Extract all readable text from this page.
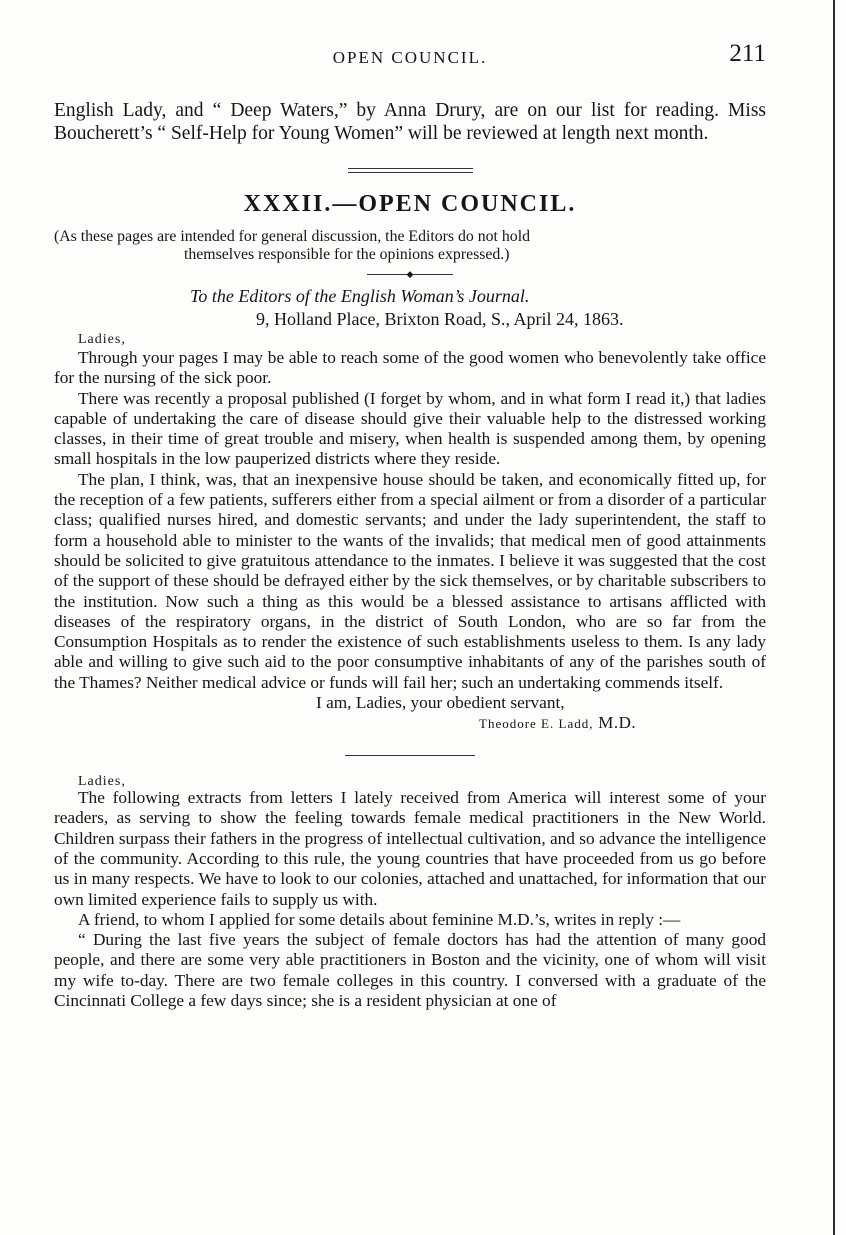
OPEN COUNCIL.	211

English Lady, and “ Deep Waters,” by Anna Drury, are on our list for reading. Miss Boucherett’s “ Self-Help for Young Women” will be reviewed at length next month.

XXXII.—OPEN COUNCIL.

(As these pages are intended for general discussion, the Editors do not hold
themselves responsible for the opinions expressed.)

◆
To the Editors of the English Woman’s Journal.
9, Holland Place, Brixton Road, S., April 24, 1863.
Ladies,

Through your pages I may be able to reach some of the good women who benevolently take office for the nursing of the sick poor.

There was recently a proposal published (I forget by whom, and in what form I read it,) that ladies capable of undertaking the care of disease should give their valuable help to the distressed working classes, in their time of great trouble and misery, when health is suspended among them, by opening small hospitals in the low pauperized districts where they reside.

The plan, I think, was, that an inexpensive house should be taken, and economically fitted up, for the reception of a few patients, sufferers either from a special ailment or from a disorder of a particular class; qualified nurses hired, and domestic servants; and under the lady superintendent, the staff to form a household able to minister to the wants of the invalids; that medical men of good attainments should be solicited to give gratuitous attendance to the inmates. I believe it was suggested that the cost of the support of these should be defrayed either by the sick themselves, or by charitable subscribers to the institution. Now such a thing as this would be a blessed assistance to artisans afflicted with diseases of the respiratory organs, in the district of South London, who are so far from the Consumption Hospitals as to render the existence of such establishments useless to them. Is any lady able and willing to give such aid to the poor consumptive inhabitants of any of the parishes south of the Thames? Neither medical advice or funds will fail her; such an undertaking commends itself.

I am, Ladies, your obedient servant,
Theodore E. Ladd, M.D.
Ladies,

The following extracts from letters I lately received from America will interest some of your readers, as serving to show the feeling towards female medical practitioners in the New World. Children surpass their fathers in the progress of intellectual cultivation, and so advance the intelligence of the community. According to this rule, the young countries that have proceeded from us go before us in many respects. We have to look to our colonies, attached and unattached, for information that our own limited experience fails to supply us with.

A friend, to whom I applied for some details about feminine M.D.’s, writes in reply :—

“ During the last five years the subject of female doctors has had the attention of many good people, and there are some very able practitioners in Boston and the vicinity, one of whom will visit my wife to-day. There are two female colleges in this country. I conversed with a graduate of the Cincinnati College a few days since; she is a resident physician at one of
